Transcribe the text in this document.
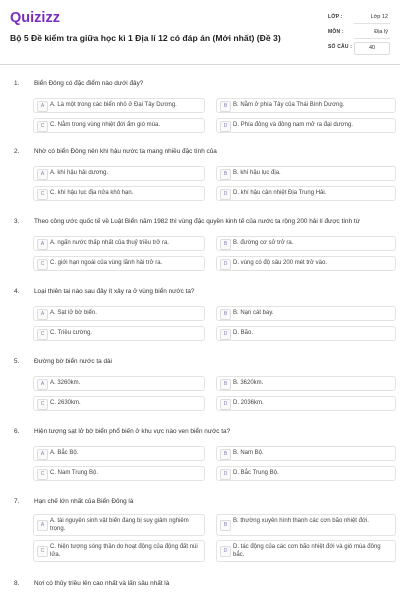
Quizizz
Bộ 5 Đề kiểm tra giữa học kì 1 Địa lí 12 có đáp án (Mới nhất) (Đề 3)
LỚP :	Lớp 12
MÔN :	Địa lý
SỐ CÂU :	40
1. Biển Đông có đặc điểm nào dưới đây?
A A. Là một trong các biển nhỏ ở Đại Tây Dương.	B B. Nằm ở phía Tây của Thái Bình Dương.
C C. Nằm trong vùng nhiệt đới ẩm gió mùa.	D D. Phía đông và đông nam mở ra đại dương.
2. Nhờ có biển Đông nên khí hậu nước ta mang nhiều đặc tính của
A A. khí hậu hải dương.	B B. khí hậu lục địa.
C C. khí hậu lục địa nửa khô hạn.	D D. khí hậu cận nhiệt Địa Trung Hải.
3. Theo công ước quốc tế về Luật Biển năm 1982 thì vùng đặc quyền kinh tế của nước ta rộng 200 hải lí được tính từ
A A. ngấn nước thấp nhất của thuỷ triều trở ra.	B B. đường cơ sở trở ra.
C C. giới hạn ngoài của vùng lãnh hải trở ra.	D D. vùng có độ sâu 200 mét trở vào.
4. Loại thiên tai nào sau đây ít xảy ra ở vùng biển nước ta?
A A. Sạt lở bờ biển.	B B. Nạn cát bay.
C C. Triều cường.	D D. Bão.
5. Đường bờ biển nước ta dài
A A. 3260km.	B B. 3620km.
C C. 2630km.	D D. 2036km.
6. Hiện tượng sạt lở bờ biển phổ biến ở khu vực nào ven biển nước ta?
A A. Bắc Bộ.	B B. Nam Bộ.
C C. Nam Trung Bộ.	D D. Bắc Trung Bộ.
7. Hạn chế lớn nhất của Biển Đông là
A
A. tài nguyên sinh vật biển đang bị suy giảm nghiêm trọng.
B
B. thường xuyên hình thành các cơn bão nhiệt đới.
C
C. hiện tượng sóng thần do hoạt động của động đất núi lửa.
D
D. tác động của các cơn bão nhiệt đới và gió mùa đông bắc.
8. Nơi có thủy triều lên cao nhất và lấn sâu nhất là
